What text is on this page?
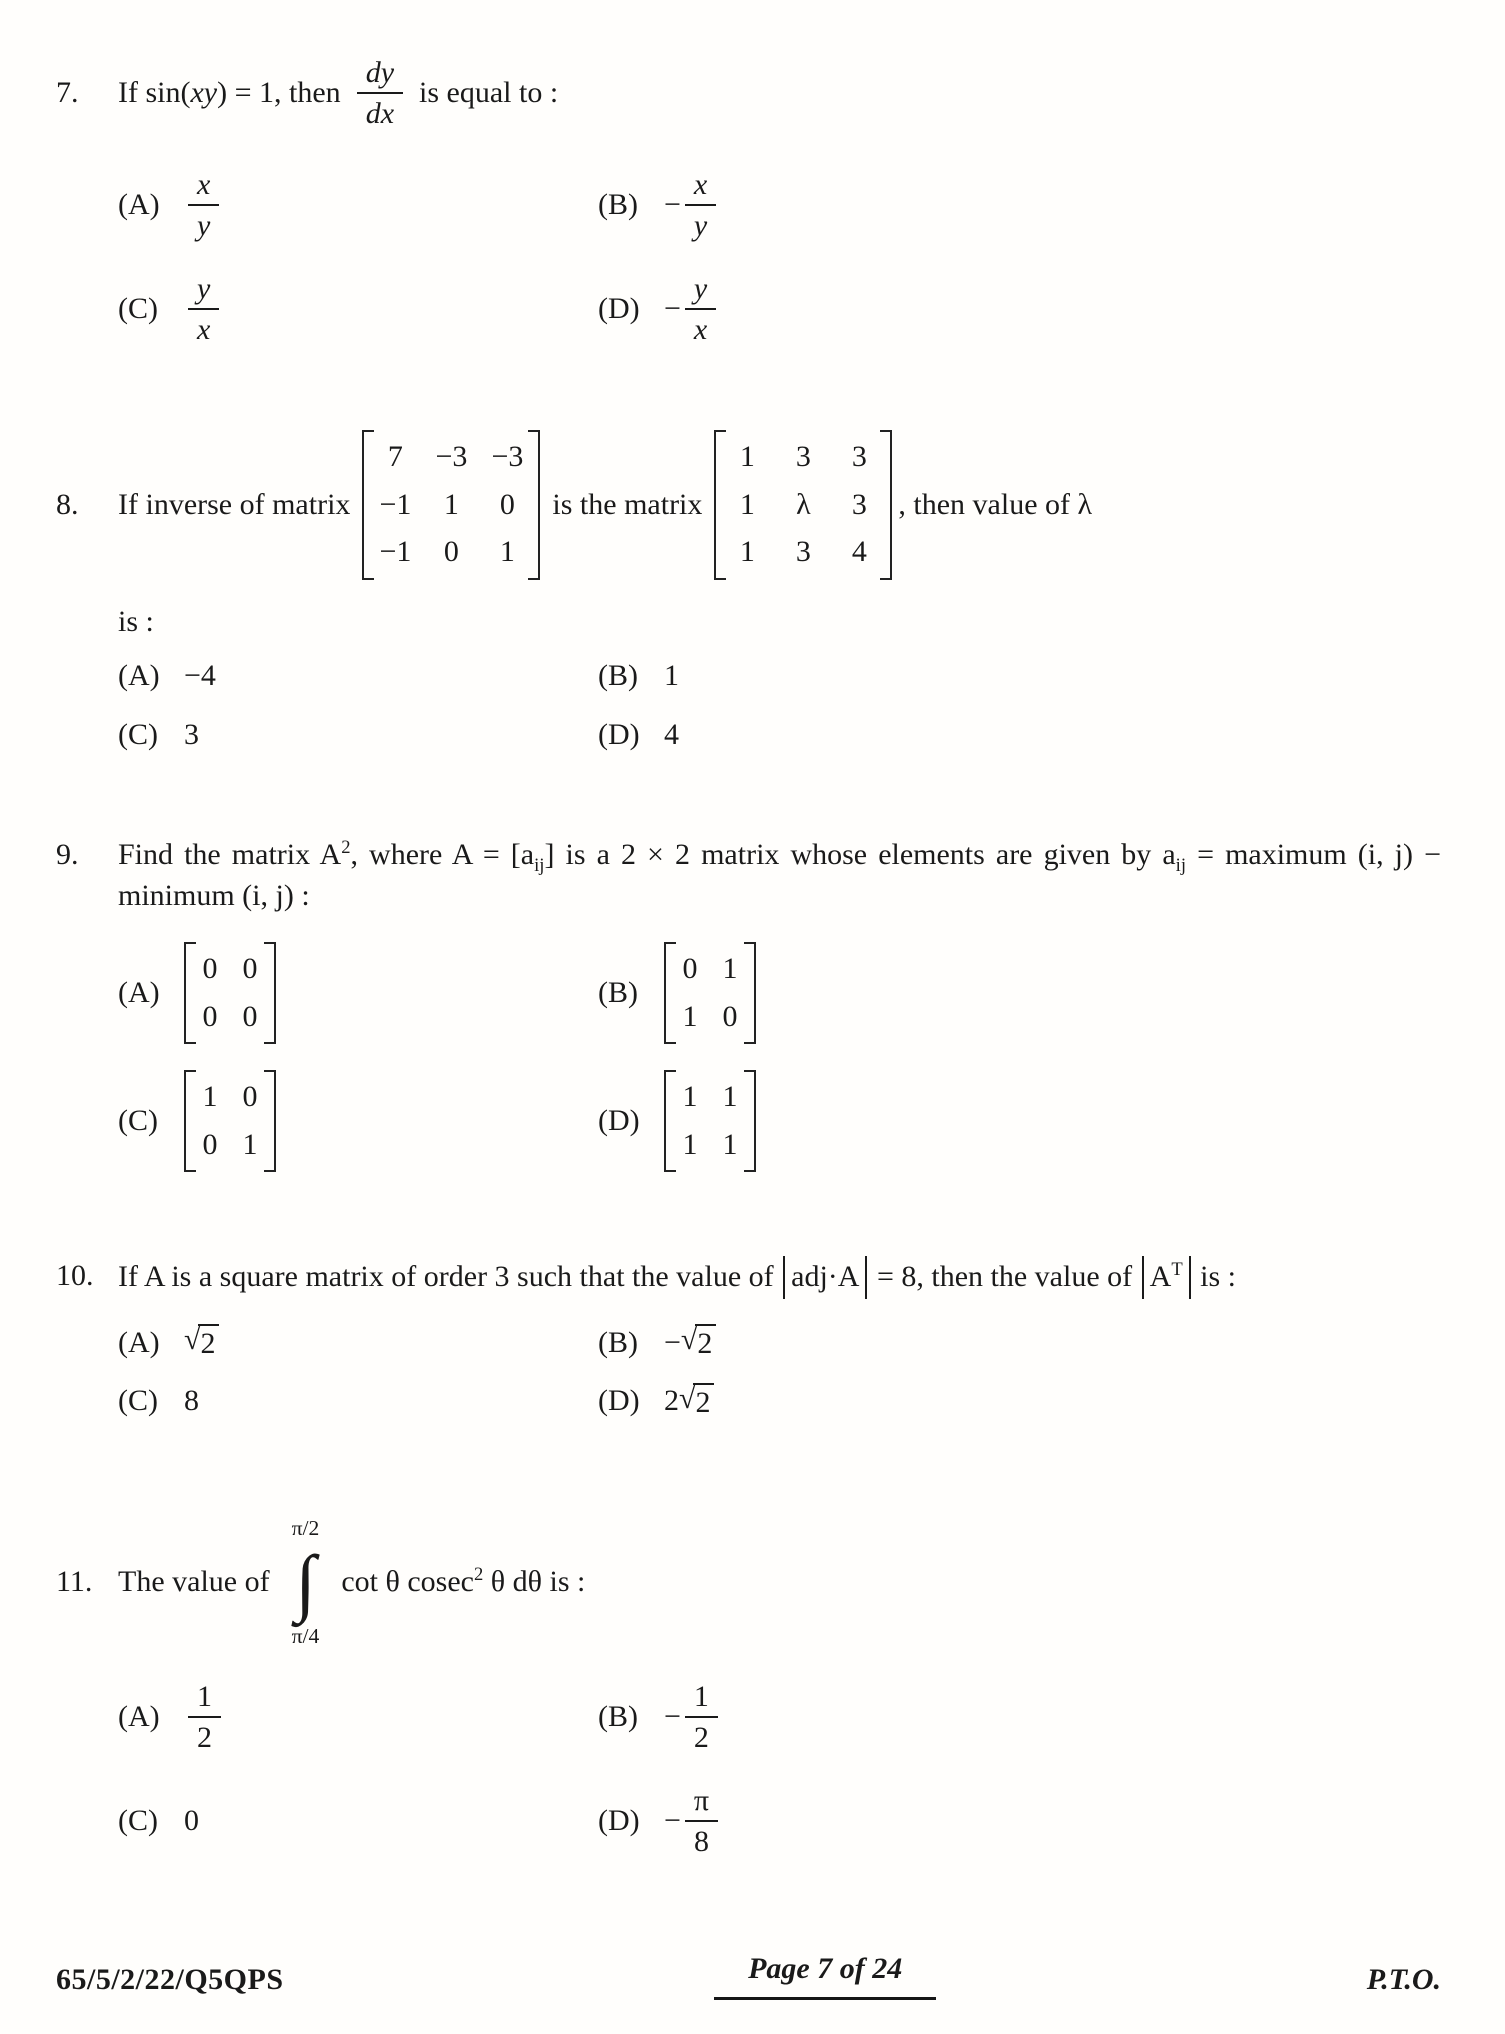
7.	If sin(xy) = 1, then $\frac{dy}{dx}$ is equal to :
$(A) \frac{x}{y}$	$(B) - \frac{x}{y}$
(C)	$\frac{y}{x}$	$(D) - \frac{y}{x}$
8.	If inverse of matrix
7	−3 −3
−1	1	0
−1	0	1
is the matrix
1	3	3
1	λ	3
1	3	4
, then value of λ
is :
(A) −4	(B) 1
(C) 3	(D) 4
9.	Find the matrix $A^2$, where $A = [a_{ij}]$ is a 2 × 2 matrix whose elements are given by $a_{ij}$ = maximum (i, j) − minimum (i, j) :

(A)
0 0
0 0
(B)
0 1
1 0
(C)
1 0
0 1
(D)
1 1
1 1
10. If A is a square matrix of order 3 such that the value of adj·A = 8, then the value of $A^T$ is :

(A) √ 2	(B) − √ 2
(C) 8	(D) 2 √ 2
11. The value of
π/2
∫
π/4
cot θ cosec$^2$ θ dθ is :
$(A) \frac{1}{2}$	$(B) - \frac{1}{2}$
(C) 0	$(D) - \frac{\pi}{8}$
65/5/2/22/Q5QPS	Page 7 of 24	P.T.O.
